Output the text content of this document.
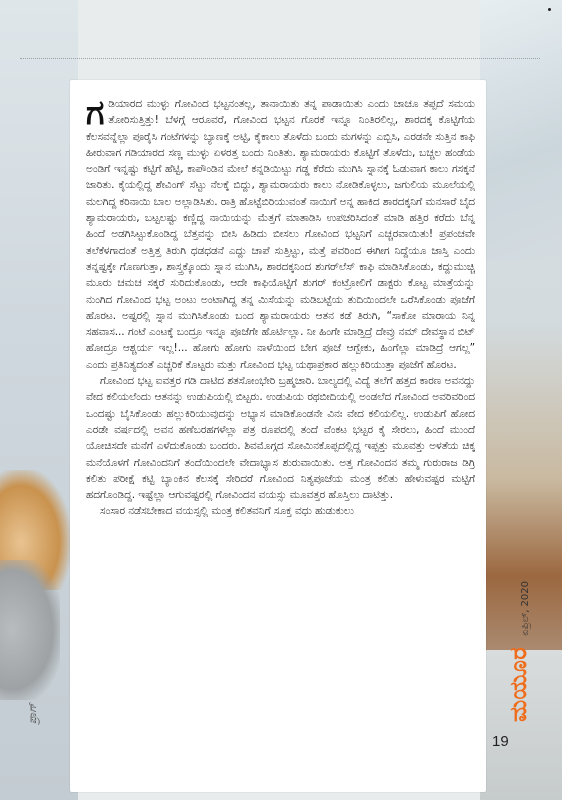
ಗಡಿಯಾರದ ಮುಳ್ಳು ಗೋವಿಂದ ಭಟ್ಟನಂತಲ್ಲ, ತಾನಾಯಿತು ತನ್ನ ಪಾಡಾಯಿತು ಎಂದು ಚಾಚೂ ತಪ್ಪದೆ ಸಮಯ ತೋರಿಸುತ್ತಿತ್ತು! ಬೆಳಗ್ಗೆ ಆರೂವರೆ, ಗೋವಿಂದ ಭಟ್ಟನ ಗೊರಕೆ ಇನ್ನೂ ನಿಂತಿರಲಿಲ್ಲ, ಶಾರದಕ್ಕ ಕೊಟ್ಟಿಗೆಯ ಕೆಲಸವನ್ನೆಲ್ಲಾ ಪೂರೈಸಿ ಗಂಟೆಗಳನ್ನು ಬ್ಯಾಣಕ್ಕೆ ಅಟ್ಟಿ, ಕೈಕಾಲು ತೊಳೆದು ಬಂದು ಮಗಳನ್ನು ಎಬ್ಬಿಸಿ, ಎರಡನೇ ಸುತ್ತಿನ ಕಾಫಿ ಹೀರುವಾಗ ಗಡಿಯಾರದ ಸಣ್ಣ ಮುಳ್ಳು ಏಳರತ್ತ ಬಂದು ನಿಂತಿತು. ಶ್ಯಾಮರಾಯರು ಕೊಟ್ಟಿಗೆ ತೊಳೆದು, ಬಚ್ಚಲ ಹಂಡೆಯ ಅಂಡಿಗೆ ಇನ್ನಷ್ಟು ಕಟ್ಟಿಗೆ ಹೆಟ್ಟಿ, ಕಾಪೌಂಡಿನ ಮೇಲೆ ಕನ್ನಡಿಯಿಟ್ಟು ಗಡ್ಡ ಕೆರೆದು ಮುಗಿಸಿ ಸ್ನಾನಕ್ಕೆ ಓಡುವಾಗ ಕಾಲು ಗಸಕ್ಕನೆ ಜಾರಿತು. ಕೈಯಲ್ಲಿದ್ದ ಶೇವಿಂಗ್ ಸೆಟ್ಟು ನೆಲಕ್ಕೆ ಬಿದ್ದು, ಶ್ಯಾಮರಾಯರು ಕಾಲು ನೋಡಿಕೊಳ್ಳಲು, ಜಗುಲಿಯ ಮೂಲೆಯಲ್ಲಿ ಮಲಗಿದ್ದ ಕರಿನಾಯಿ ಬಾಲ ಅಲ್ಲಾಡಿಸಿತು. ರಾತ್ರಿ ಹೊಟ್ಟೆಬಿರಿಯುವಂತೆ ನಾಯಿಗೆ ಅನ್ನ ಹಾಕಿದ ಶಾರದಕ್ಕನಿಗೆ ಮನಸಾರೆ ಬೈದ ಶ್ಯಾಮರಾಯರು, ಬಟ್ಟಲಷ್ಟು ಕಣ್ಣಿದ್ದ ನಾಯಿಯನ್ನು ಮೆತ್ತಗೆ ಮಾತಾಡಿಸಿ ಉಪಚರಿಸಿದಂತೆ ಮಾಡಿ ಹತ್ತಿರ ಕರೆದು ಬೆನ್ನ ಹಿಂದೆ ಅಡಗಿಸಿಟ್ಟುಕೊಂಡಿದ್ದ ಬೆತ್ತವನ್ನು ಬೀಸಿ ಹಿಡಿದು ಬೀಸಲು ಗೋವಿಂದ ಭಟ್ಟನಿಗೆ ಎಚ್ಚರವಾಯಿತು! ಪ್ರಪಂಚವೇ ತಲೆಕೆಳಗಾದಂತೆ ಅತ್ತಿತ್ತ ತಿರುಗಿ ಧಡಧಡನೆ ಎದ್ದು ಚಾಪೆ ಸುತ್ತಿಟ್ಟು, ಮತ್ತೆ ಪವರಿಂದ ಈಗೀಗ ನಿದ್ದೆಯೂ ಜಾಸ್ತಿ ಎಂದು ತನ್ನಷ್ಟಕ್ಕೇ ಗೊಣಗುತ್ತಾ, ಶಾಸ್ತ್ರಕ್ಕೊಂದು ಸ್ನಾನ ಮುಗಿಸಿ, ಶಾರದಕ್ಕನಿಂದ ಶುಗರ್‌ಲೆಸ್ ಕಾಫಿ ಮಾಡಿಸಿಕೊಂಡು, ಕದ್ದುಮುಚ್ಚಿ ಮೂರು ಚಮಚ ಸಕ್ಕರೆ ಸುರಿದುಕೊಂಡು, ಆದೇ ಕಾಫಿಯೊಟ್ಟಿಗೆ ಶುಗರ್ ಕಂಟ್ರೋಲಿಗೆ ಡಾಕ್ಟರು ಕೊಟ್ಟ ಮಾತ್ರೆಯನ್ನು ನುಂಗಿದ ಗೋವಿಂದ ಭಟ್ಟ ಅಂಟು ಅಂಟಾಗಿದ್ದ ತನ್ನ ಮಿಸೆಯನ್ನು ಮಡಿಬಟ್ಟೆಯ ತುದಿಯಿಂದಲೇ ಒರೆಸಿಕೊಂಡು ಪೂಜೆಗೆ ಹೊರಟ. ಅಷ್ಟರಲ್ಲಿ ಸ್ನಾನ ಮುಗಿಸಿಕೊಂಡು ಬಂದ ಶ್ಯಾಮರಾಯರು ಆತನ ಕಡೆ ತಿರುಗಿ, “ಸಾಕೋ ಮಾರಾಯ ನಿನ್ನ ಸಹವಾಸ... ಗಂಟೆ ಎಂಟಕ್ಕೆ ಬಂದ್ರೂ ಇನ್ನೂ ಪೂಜೆಗೇ ಹೊರ್ಟಿಲ್ಲಾ. ನೀ ಹಿಂಗೇ ಮಾಡ್ತಿದ್ರೆ ದೇವ್ರು ನಮ್ ದೇವಸ್ಥಾನ ಬಿಟ್ ಹೋದ್ರೂ ಆಶ್ಚರ್ಯ ಇಲ್ಲ!... ಹೋಗು ಹೋಗು ನಾಳೆಯಿಂದ ಬೇಗ ಪೂಜೆ ಆಗ್ಬೇಕು, ಹಿಂಗೆಲ್ಲಾ ಮಾಡಿದ್ರೆ ಆಗಲ್ಲ” ಎಂದು ಪ್ರತಿನಿತ್ಯದಂತೆ ಎಚ್ಚರಿಕೆ ಕೊಟ್ಟರು ಮತ್ತು ಗೋವಿಂದ ಭಟ್ಟ ಯಥಾಪ್ರಕಾರ ಹಲ್ಲುಕಿರಿಯುತ್ತಾ ಪೂಜೆಗೆ ಹೊರಟ.

ಗೋವಿಂದ ಭಟ್ಟ ಐವತ್ತರ ಗಡಿ ದಾಟಿದ ಶತಸೋಂಭೇರಿ ಬ್ರಹ್ಮಚಾರಿ. ಬಾಲ್ಯದಲ್ಲಿ ವಿದ್ಯೆ ತಲೆಗೆ ಹತ್ತದ ಕಾರಣ ಅವನದ್ದು ವೇದ ಕಲಿಯಲೆಂದು ಆತನನ್ನು ಉಡುಪಿಯಲ್ಲಿ ಬಿಟ್ಟರು. ಉಡುಪಿಯ ರಥಬೀದಿಯಲ್ಲಿ ಅಂಡಲೆದ ಗೋವಿಂದ ಅವರಿವರಿಂದ ಒಂದಷ್ಟು ಬೈಸಿಕೊಂಡು ಹಲ್ಲುಕಿರಿಯುವುದನ್ನು ಅಭ್ಯಾಸ ಮಾಡಿಕೊಂಡನೇ ವಿನಃ ವೇದ ಕಲಿಯಲಿಲ್ಲ. ಉಡುಪಿಗೆ ಹೋದ ಎರಡೇ ವರ್ಷದಲ್ಲಿ ಅವನ ಹಣೆಬರಹಗಳೆಲ್ಲಾ ಪತ್ರ ರೂಪದಲ್ಲಿ ತಂದೆ ವೆಂಕಟ ಭಟ್ಟರ ಕೈ ಸೇರಲು, ಹಿಂದೆ ಮುಂದೆ ಯೋಚಿಸದೇ ಮನೆಗೆ ಎಳೆದುಕೊಂಡು ಬಂದರು. ಶಿವಮೊಗ್ಗದ ಸೋಮಿನಕೊಪ್ಪದಲ್ಲಿದ್ದ ಇಪ್ಪತ್ತು ಮೂವತ್ತು ಅಳತೆಯ ಚಿಕ್ಕ ಮನೆಯೊಳಗೆ ಗೋವಿಂದನಿಗೆ ತಂದೆಯಿಂದಲೇ ವೇದಾಭ್ಯಾಸ ಶುರುವಾಯಿತು. ಅತ್ತ ಗೋವಿಂದನ ತಮ್ಮ ಗುರುರಾಜ ಡಿಗ್ರಿ ಕಲಿತು ಪರೀಕ್ಷೆ ಕಟ್ಟಿ ಬ್ಯಾಂಕಿನ ಕೆಲಸಕ್ಕೆ ಸೇರಿದರೆ ಗೋವಿಂದ ನಿತ್ಯಪೂಜೆಯ ಮಂತ್ರ ಕಲಿತು ಹೇಳುವಷ್ಟರ ಮಟ್ಟಿಗೆ ಹದಗೊಂಡಿದ್ದ. ಇಷ್ಟೆಲ್ಲಾ ಆಗುವಷ್ಟರಲ್ಲಿ ಗೋವಿಂದನ ವಯಸ್ಸು ಮೂವತ್ತರ ಹೊಸ್ತಿಲು ದಾಟಿತ್ತು.

ಸಂಸಾರ ನಡೆಸಬೇಕಾದ ವಯಸ್ಸಲ್ಲಿ ಮಂತ್ರ ಕಲಿತವನಿಗೆ ಸೂಕ್ತ ವಧು ಹುಡುಕುಲು

ಏಪ್ರಿಲ್, 2020
ಮಯೂರ
19
ಪ್ರಾಗ್
